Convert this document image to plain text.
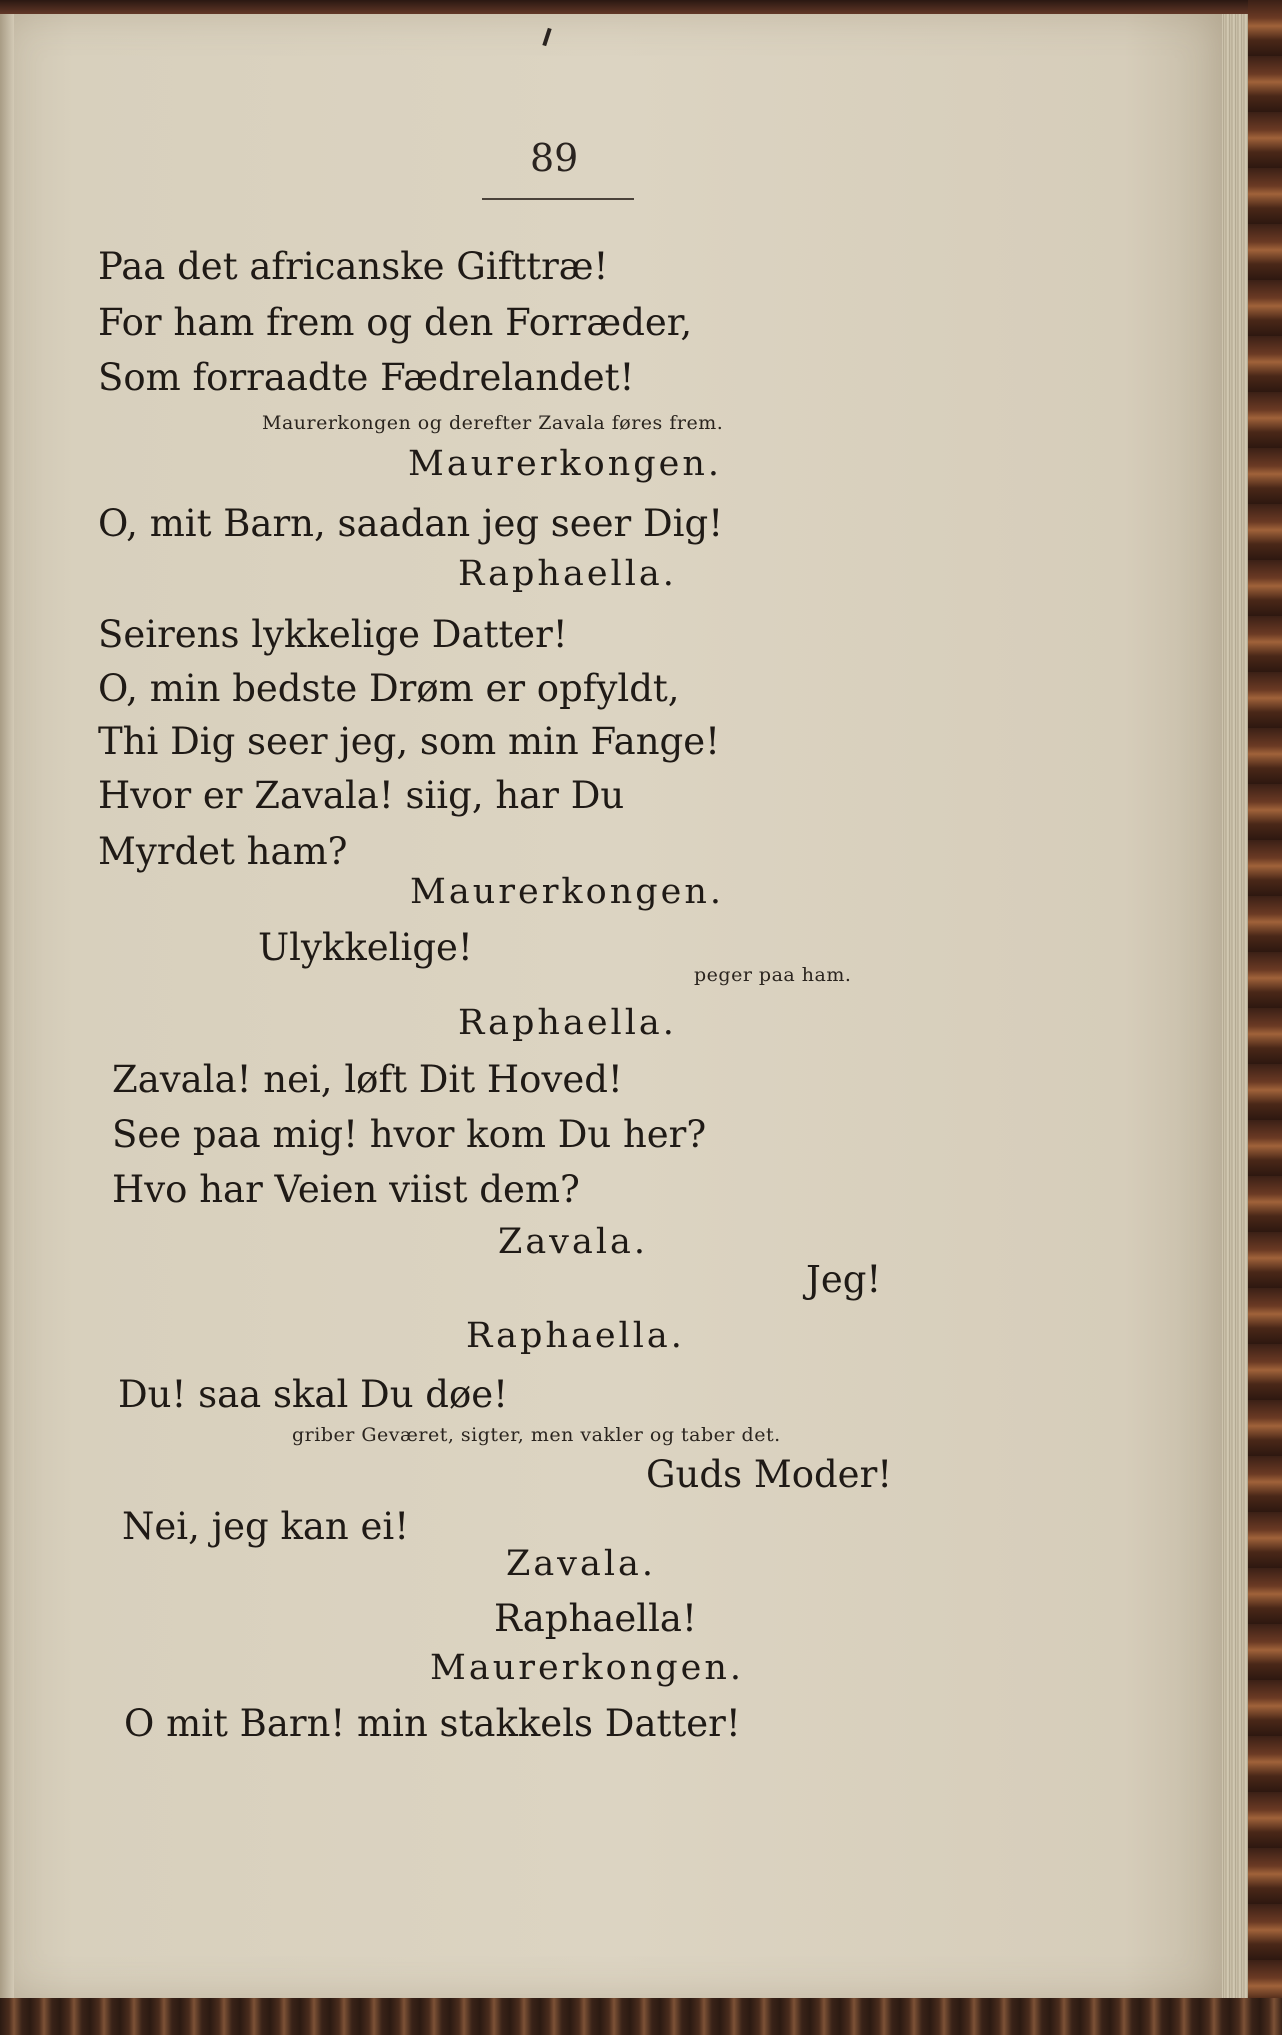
89
Paa det africanske Gifttræ!
For ham frem og den Forræder,
Som forraadte Fædrelandet!
Maurerkongen og derefter Zavala føres frem.
Maurerkongen.
O, mit Barn, saadan jeg seer Dig!
Raphaella.
Seirens lykkelige Datter!
O, min bedste Drøm er opfyldt,
Thi Dig seer jeg, som min Fange!
Hvor er Zavala! siig, har Du
Myrdet ham?
Maurerkongen.
Ulykkelige!
peger paa ham.
Raphaella.
Zavala! nei, løft Dit Hoved!
See paa mig! hvor kom Du her?
Hvo har Veien viist dem?
Zavala.
Jeg!
Raphaella.
Du! saa skal Du døe!
griber Geværet, sigter, men vakler og taber det.
Guds Moder!
Nei, jeg kan ei!
Zavala.
Raphaella!
Maurerkongen.
O mit Barn! min stakkels Datter!
